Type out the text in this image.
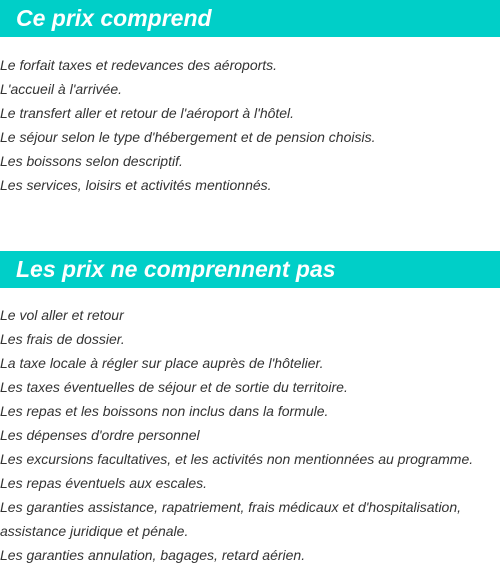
Ce prix comprend
Le forfait taxes et redevances des aéroports.
L'accueil à l'arrivée.
Le transfert aller et retour de l'aéroport à l'hôtel.
Le séjour selon le type d'hébergement et de pension choisis.
Les boissons selon descriptif.
Les services, loisirs et activités mentionnés.
Les prix ne comprennent pas
Le vol aller et retour
Les frais de dossier.
La taxe locale à régler sur place auprès de l'hôtelier.
Les taxes éventuelles de séjour et de sortie du territoire.
Les repas et les boissons non inclus dans la formule.
Les dépenses d'ordre personnel
Les excursions facultatives, et les activités non mentionnées au programme.
Les repas éventuels aux escales.
Les garanties assistance, rapatriement, frais médicaux et d'hospitalisation, assistance juridique et pénale.
Les garanties annulation, bagages, retard aérien.
